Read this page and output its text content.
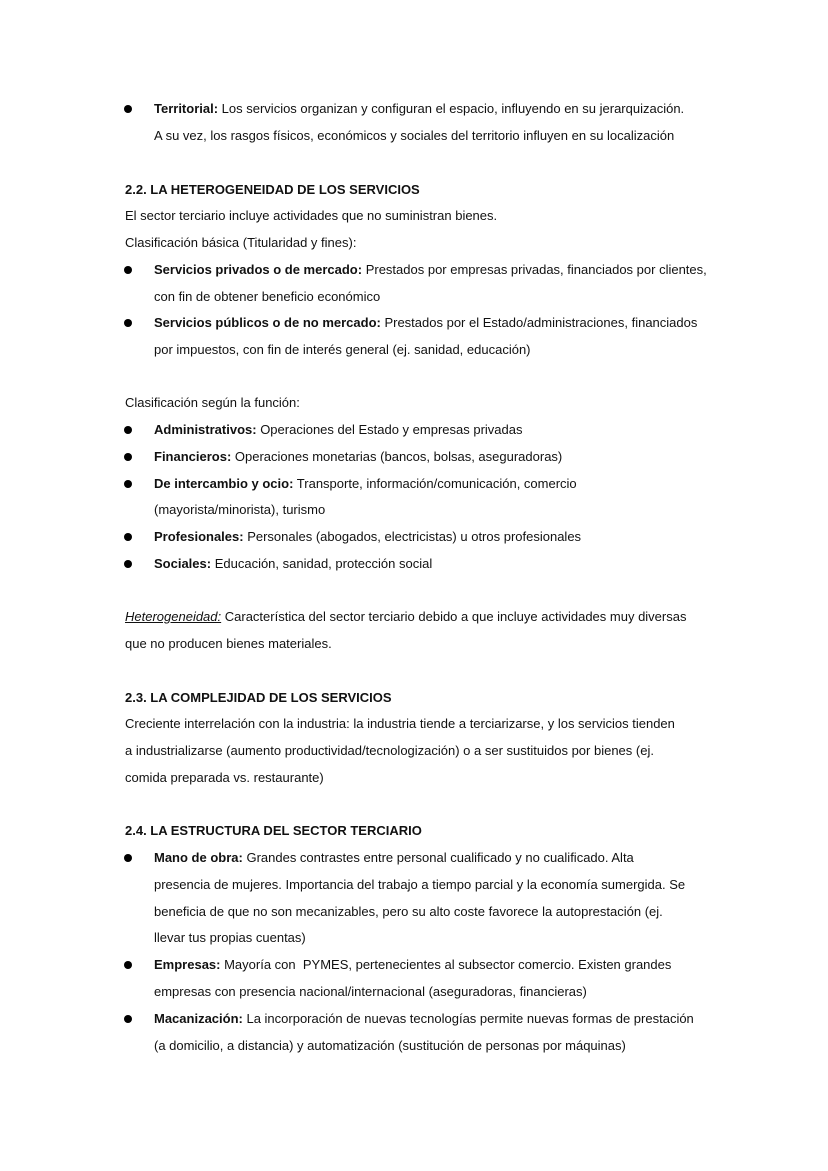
Territorial: Los servicios organizan y configuran el espacio, influyendo en su jerarquización.
A su vez, los rasgos físicos, económicos y sociales del territorio influyen en su localización
2.2. LA HETEROGENEIDAD DE LOS SERVICIOS
El sector terciario incluye actividades que no suministran bienes.
Clasificación básica (Titularidad y fines):
Servicios privados o de mercado: Prestados por empresas privadas, financiados por clientes,
con fin de obtener beneficio económico
Servicios públicos o de no mercado: Prestados por el Estado/administraciones, financiados
por impuestos, con fin de interés general (ej. sanidad, educación)
Clasificación según la función:
Administrativos: Operaciones del Estado y empresas privadas
Financieros: Operaciones monetarias (bancos, bolsas, aseguradoras)
De intercambio y ocio: Transporte, información/comunicación, comercio
(mayorista/minorista), turismo
Profesionales: Personales (abogados, electricistas) u otros profesionales
Sociales: Educación, sanidad, protección social
Heterogeneidad: Característica del sector terciario debido a que incluye actividades muy diversas
que no producen bienes materiales.
2.3. LA COMPLEJIDAD DE LOS SERVICIOS
Creciente interrelación con la industria: la industria tiende a terciarizarse, y los servicios tienden
a industrializarse (aumento productividad/tecnologización) o a ser sustituidos por bienes (ej.
comida preparada vs. restaurante)
2.4. LA ESTRUCTURA DEL SECTOR TERCIARIO
Mano de obra: Grandes contrastes entre personal cualificado y no cualificado. Alta
presencia de mujeres. Importancia del trabajo a tiempo parcial y la economía sumergida. Se
beneficia de que no son mecanizables, pero su alto coste favorece la autoprestación (ej.
llevar tus propias cuentas)
Empresas: Mayoría con  PYMES, pertenecientes al subsector comercio. Existen grandes
empresas con presencia nacional/internacional (aseguradoras, financieras)
Macanización: La incorporación de nuevas tecnologías permite nuevas formas de prestación
(a domicilio, a distancia) y automatización (sustitución de personas por máquinas)
